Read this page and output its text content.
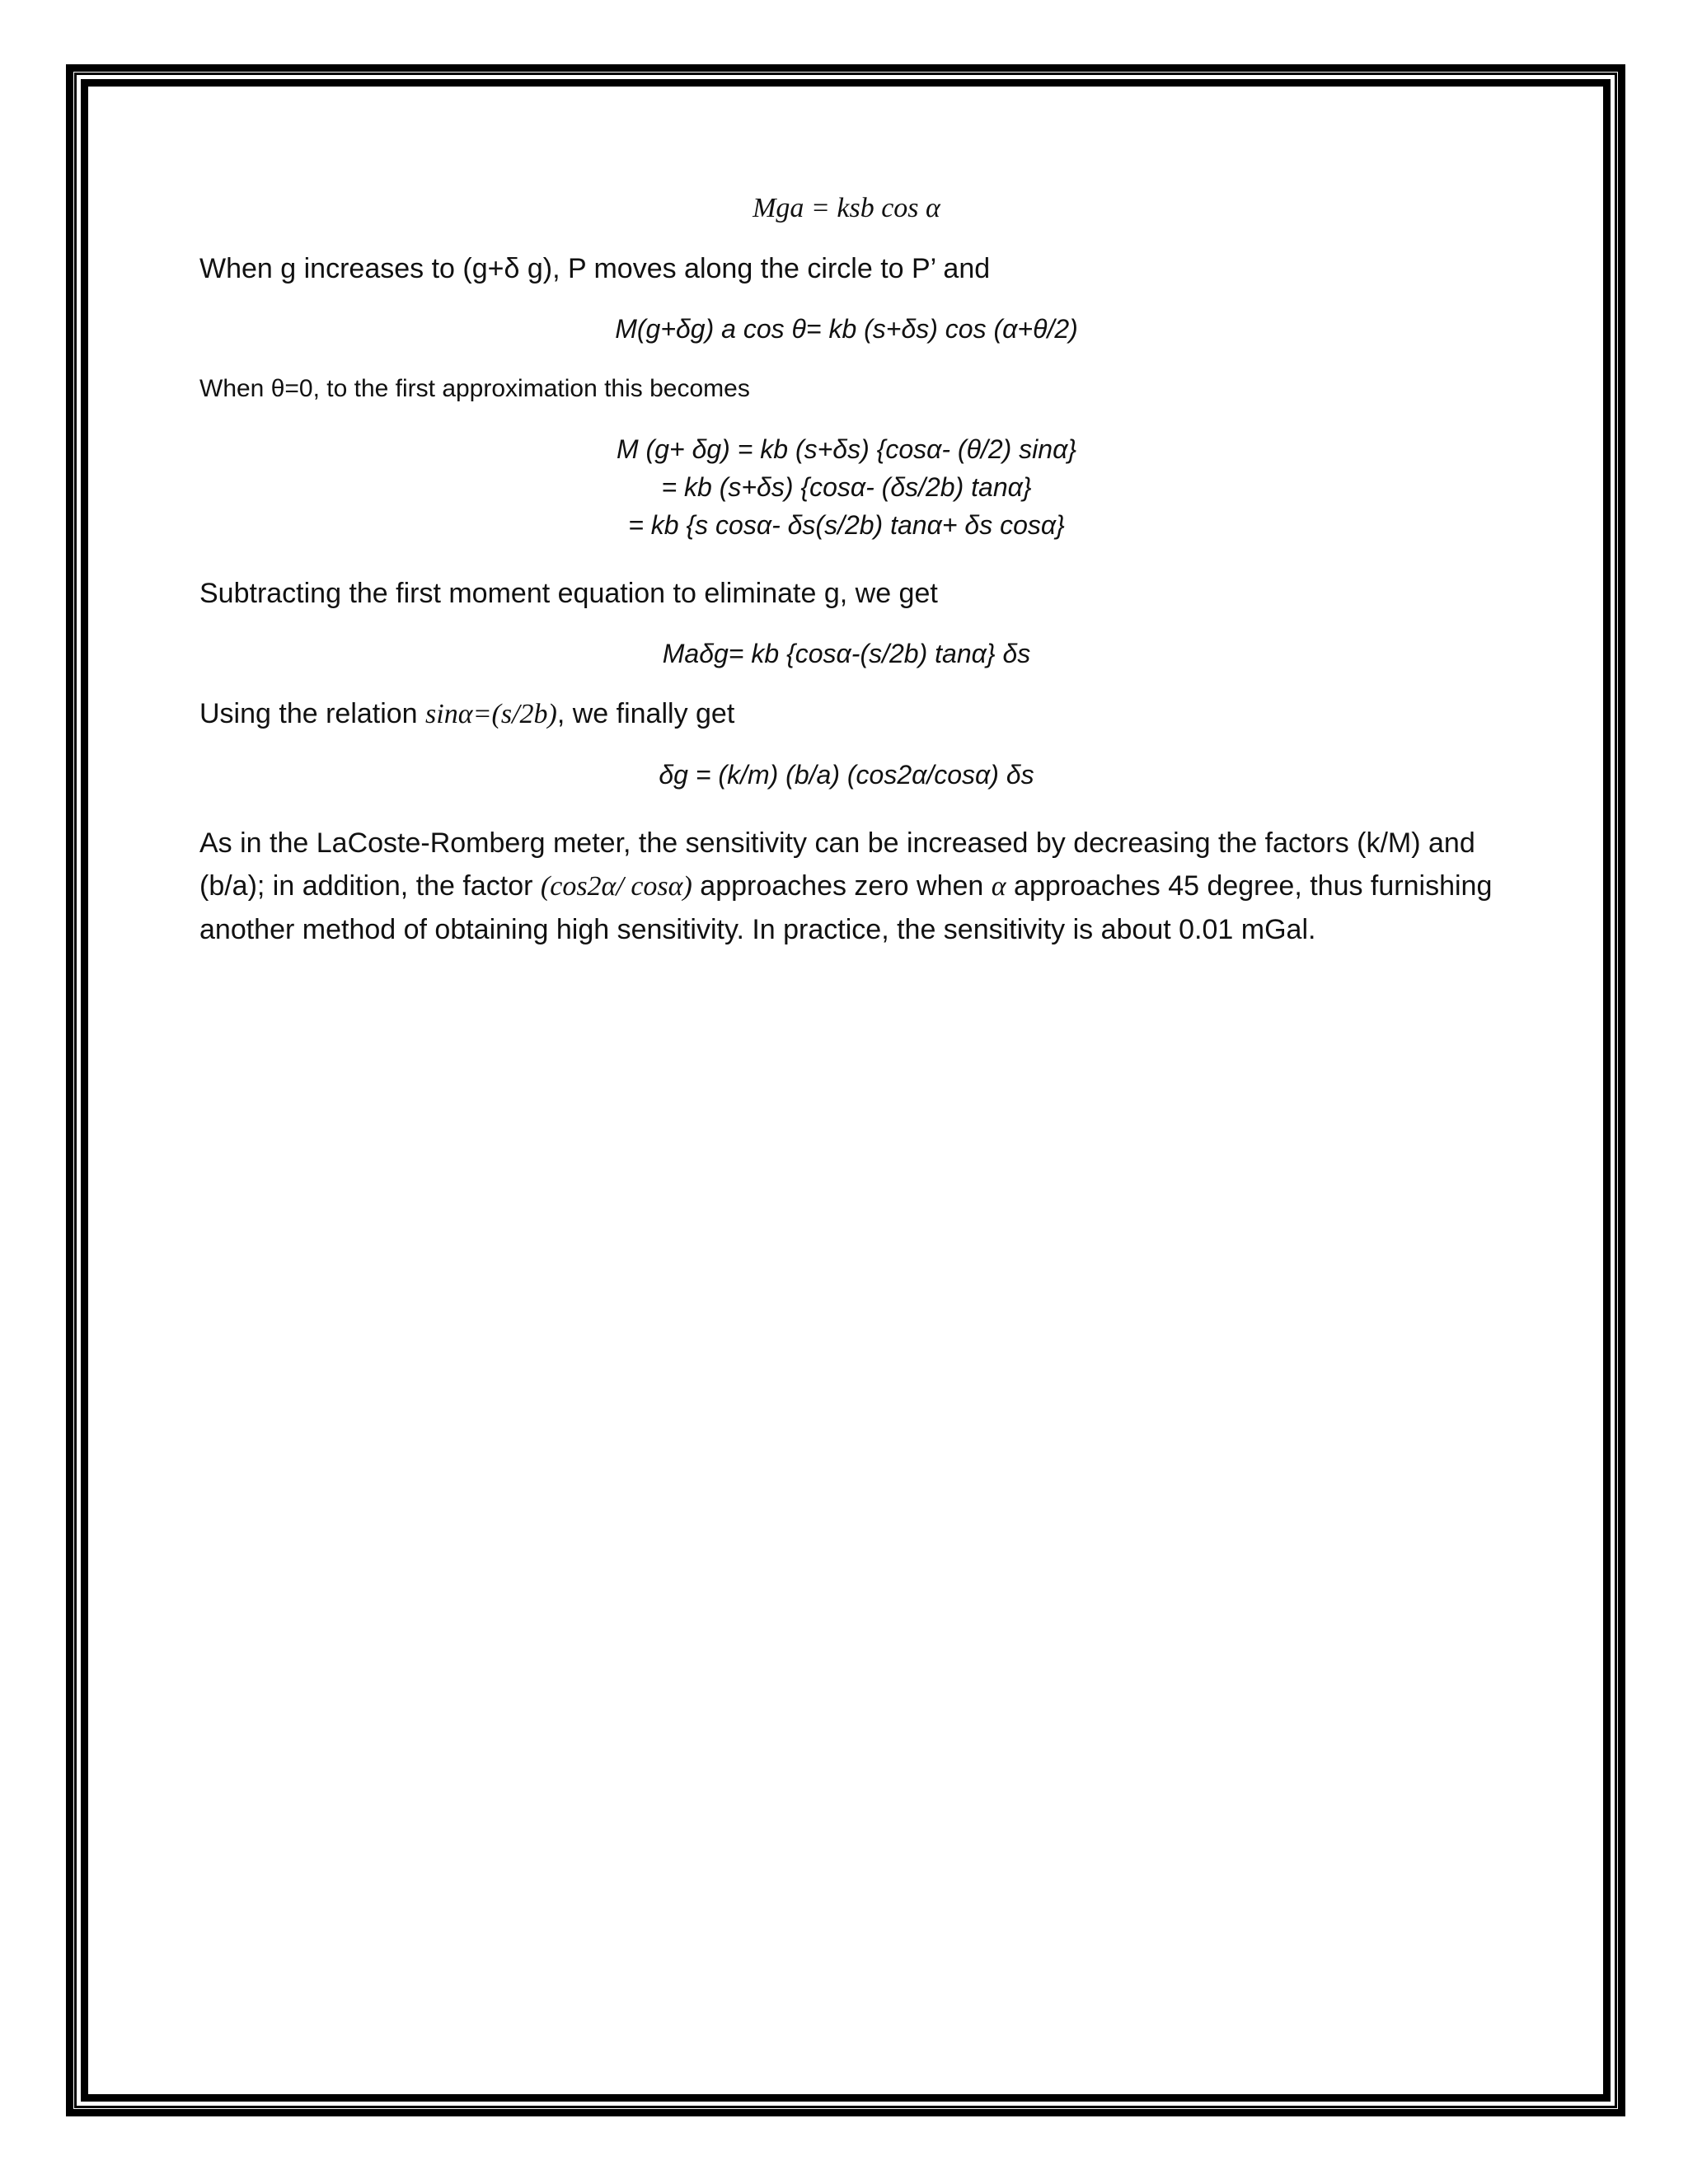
Mga = ksb cos α

When g increases to (g+δ g), P moves along the circle to P’ and

M(g+δg) a cos θ= kb (s+δs) cos (α+θ/2)

When θ=0, to the first approximation this becomes

M (g+ δg) = kb (s+δs) {cosα- (θ/2) sinα}

= kb (s+δs) {cosα- (δs/2b) tanα}

= kb {s cosα- δs(s/2b) tanα+ δs cosα}

Subtracting the first moment equation to eliminate g, we get

Maδg= kb {cosα-(s/2b) tanα} δs

Using the relation sinα=(s/2b), we finally get

δg = (k/m) (b/a) (cos2α/cosα) δs

As in the LaCoste-Romberg meter, the sensitivity can be increased by decreasing the factors (k/M) and (b/a); in addition, the factor (cos2α/ cosα) approaches zero when α approaches 45 degree, thus furnishing another method of obtaining high sensitivity. In practice, the sensitivity is about 0.01 mGal.
